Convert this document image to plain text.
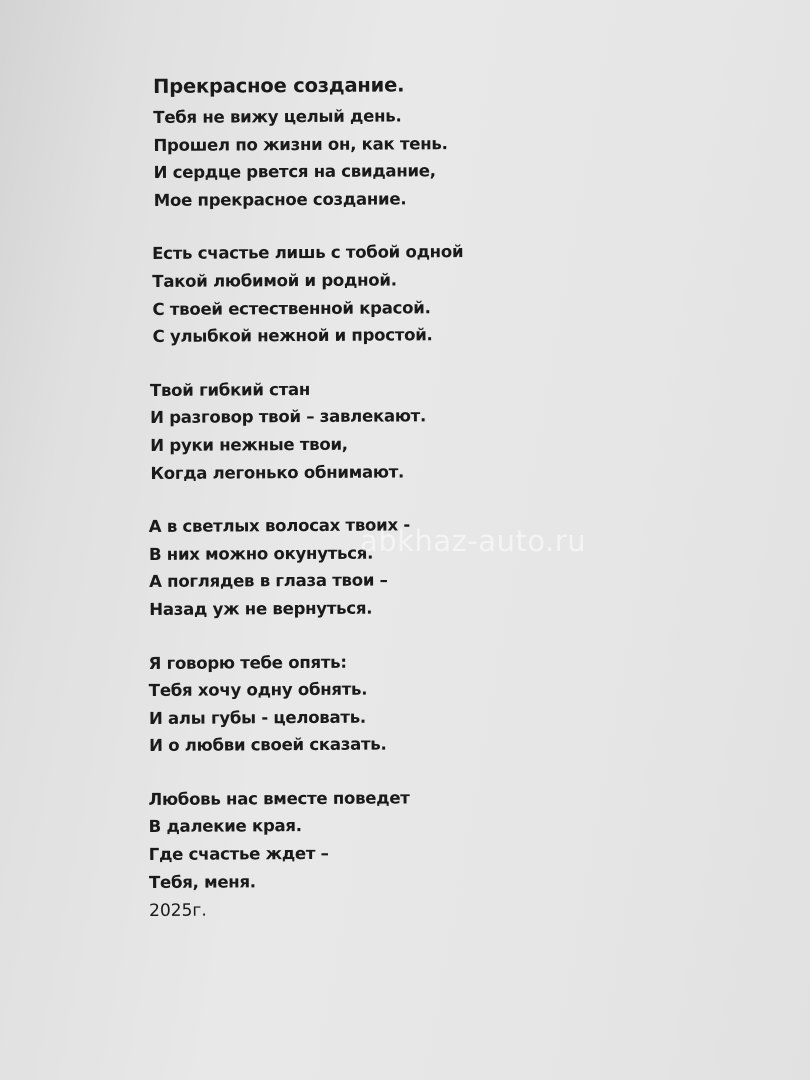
Прекрасное создание.
Тебя не вижу целый день.
Прошел по жизни он, как тень.
И сердце рвется на свидание,
Мое прекрасное создание.
Есть счастье лишь с тобой одной
Такой любимой и родной.
С твоей естественной красой.
С улыбкой нежной и простой.
Твой гибкий стан
И разговор твой – завлекают.
И руки нежные твои,
Когда легонько обнимают.
А в светлых волосах твоих -
В них можно окунуться.
А поглядев в глаза твои –
Назад уж не вернуться.
Я говорю тебе опять:
Тебя хочу одну обнять.
И алы губы - целовать.
И о любви своей сказать.
Любовь нас вместе поведет
В далекие края.
Где счастье ждет –
Тебя, меня.
2025г.
abkhaz-auto.ru
